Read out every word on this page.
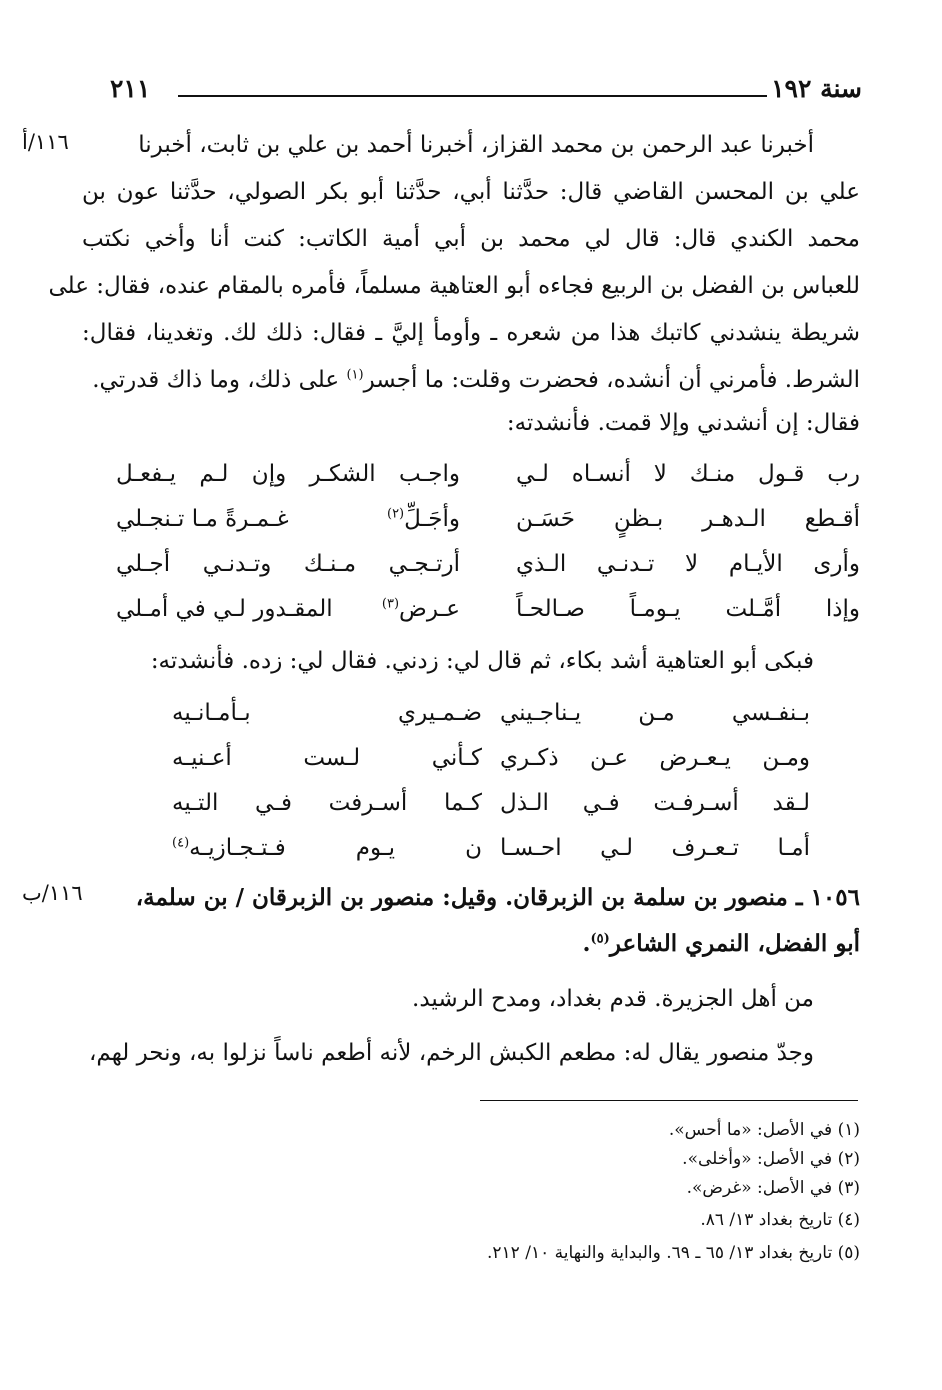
سنة ١٩٢
٢١١
١١٦/أ
١١٦/ب
أخبرنا عبد الرحمن بن محمد القزاز، أخبرنا أحمد بن علي بن ثابت، أخبرنا
علي بن المحسن القاضي قال: حدَّثنا أبي، حدَّثنا أبو بكر الصولي، حدَّثنا عون بن
محمد الكندي قال: قال لي محمد بن أبي أمية الكاتب: كنت أنا وأخي نكتب
للعباس بن الفضل بن الربيع فجاءه أبو العتاهية مسلماً، فأمره بالمقام عنده، فقال: على
شريطة ينشدني كاتبك هذا من شعره ـ وأومأ إليَّ ـ فقال: ذلك لك. وتغدينا، فقال:
الشرط. فأمرني أن أنشده، فحضرت وقلت: ما أجسر$^{(١)}$ على ذلك، وما ذاك قدرتي.
فقال: إن أنشدني وإلا قمت. فأنشدته:
رب قـول منـك لا أنسـاه لـي
واجـب الشكـر وإن لـم يـفعـل
أقـطع الـدهـر بـظنٍ حَسَـن
وأجَـلِّ$^{(٢)}$
غـمـرةً مـا تـنجـلي
وأرى الأيـام لا تـدنـي الـذي
أرتـجـي مـنـك وتـدنـي أجـلي
وإذا أمَّـلت يـومـاً صـالحـاً
عـرض$^{(٣)}$
المقـدور لـي في أمـلي
فبكى أبو العتاهية أشد بكاء، ثم قال لي: زدني. فقال لي: زده. فأنشدته:
بـنفـسي مـن يـناجـيني
ضـمـيري بـأمـانـيه
ومـن يـعـرض عـن ذكـري
كـأني لـست أعـنيـه
لـقد أسـرفـت فـي الـذل
كـما أسـرفت فـي التـيه
أمـا تـعـرف لـي احـسـا
ن
يـوم
فـتـجـازيـه$^{(٤)}$
١٠٥٦ ـ منصور بن سلمة بن الزبرقان. وقيل: منصور بن الزبرقان / بن سلمة،
أبو الفضل، النمري الشاعر$^{(٥)}$.
من أهل الجزيرة. قدم بغداد، ومدح الرشيد.
وجدّ منصور يقال له: مطعم الكبش الرخم، لأنه أطعم ناساً نزلوا به، ونحر لهم،
(١) في الأصل: «ما أحس».
(٢) في الأصل: «وأخلى».
(٣) في الأصل: «غرض».
(٤) تاريخ بغداد ١٣/ ٨٦.
(٥) تاريخ بغداد ١٣/ ٦٥ ـ ٦٩. والبداية والنهاية ١٠/ ٢١٢.
